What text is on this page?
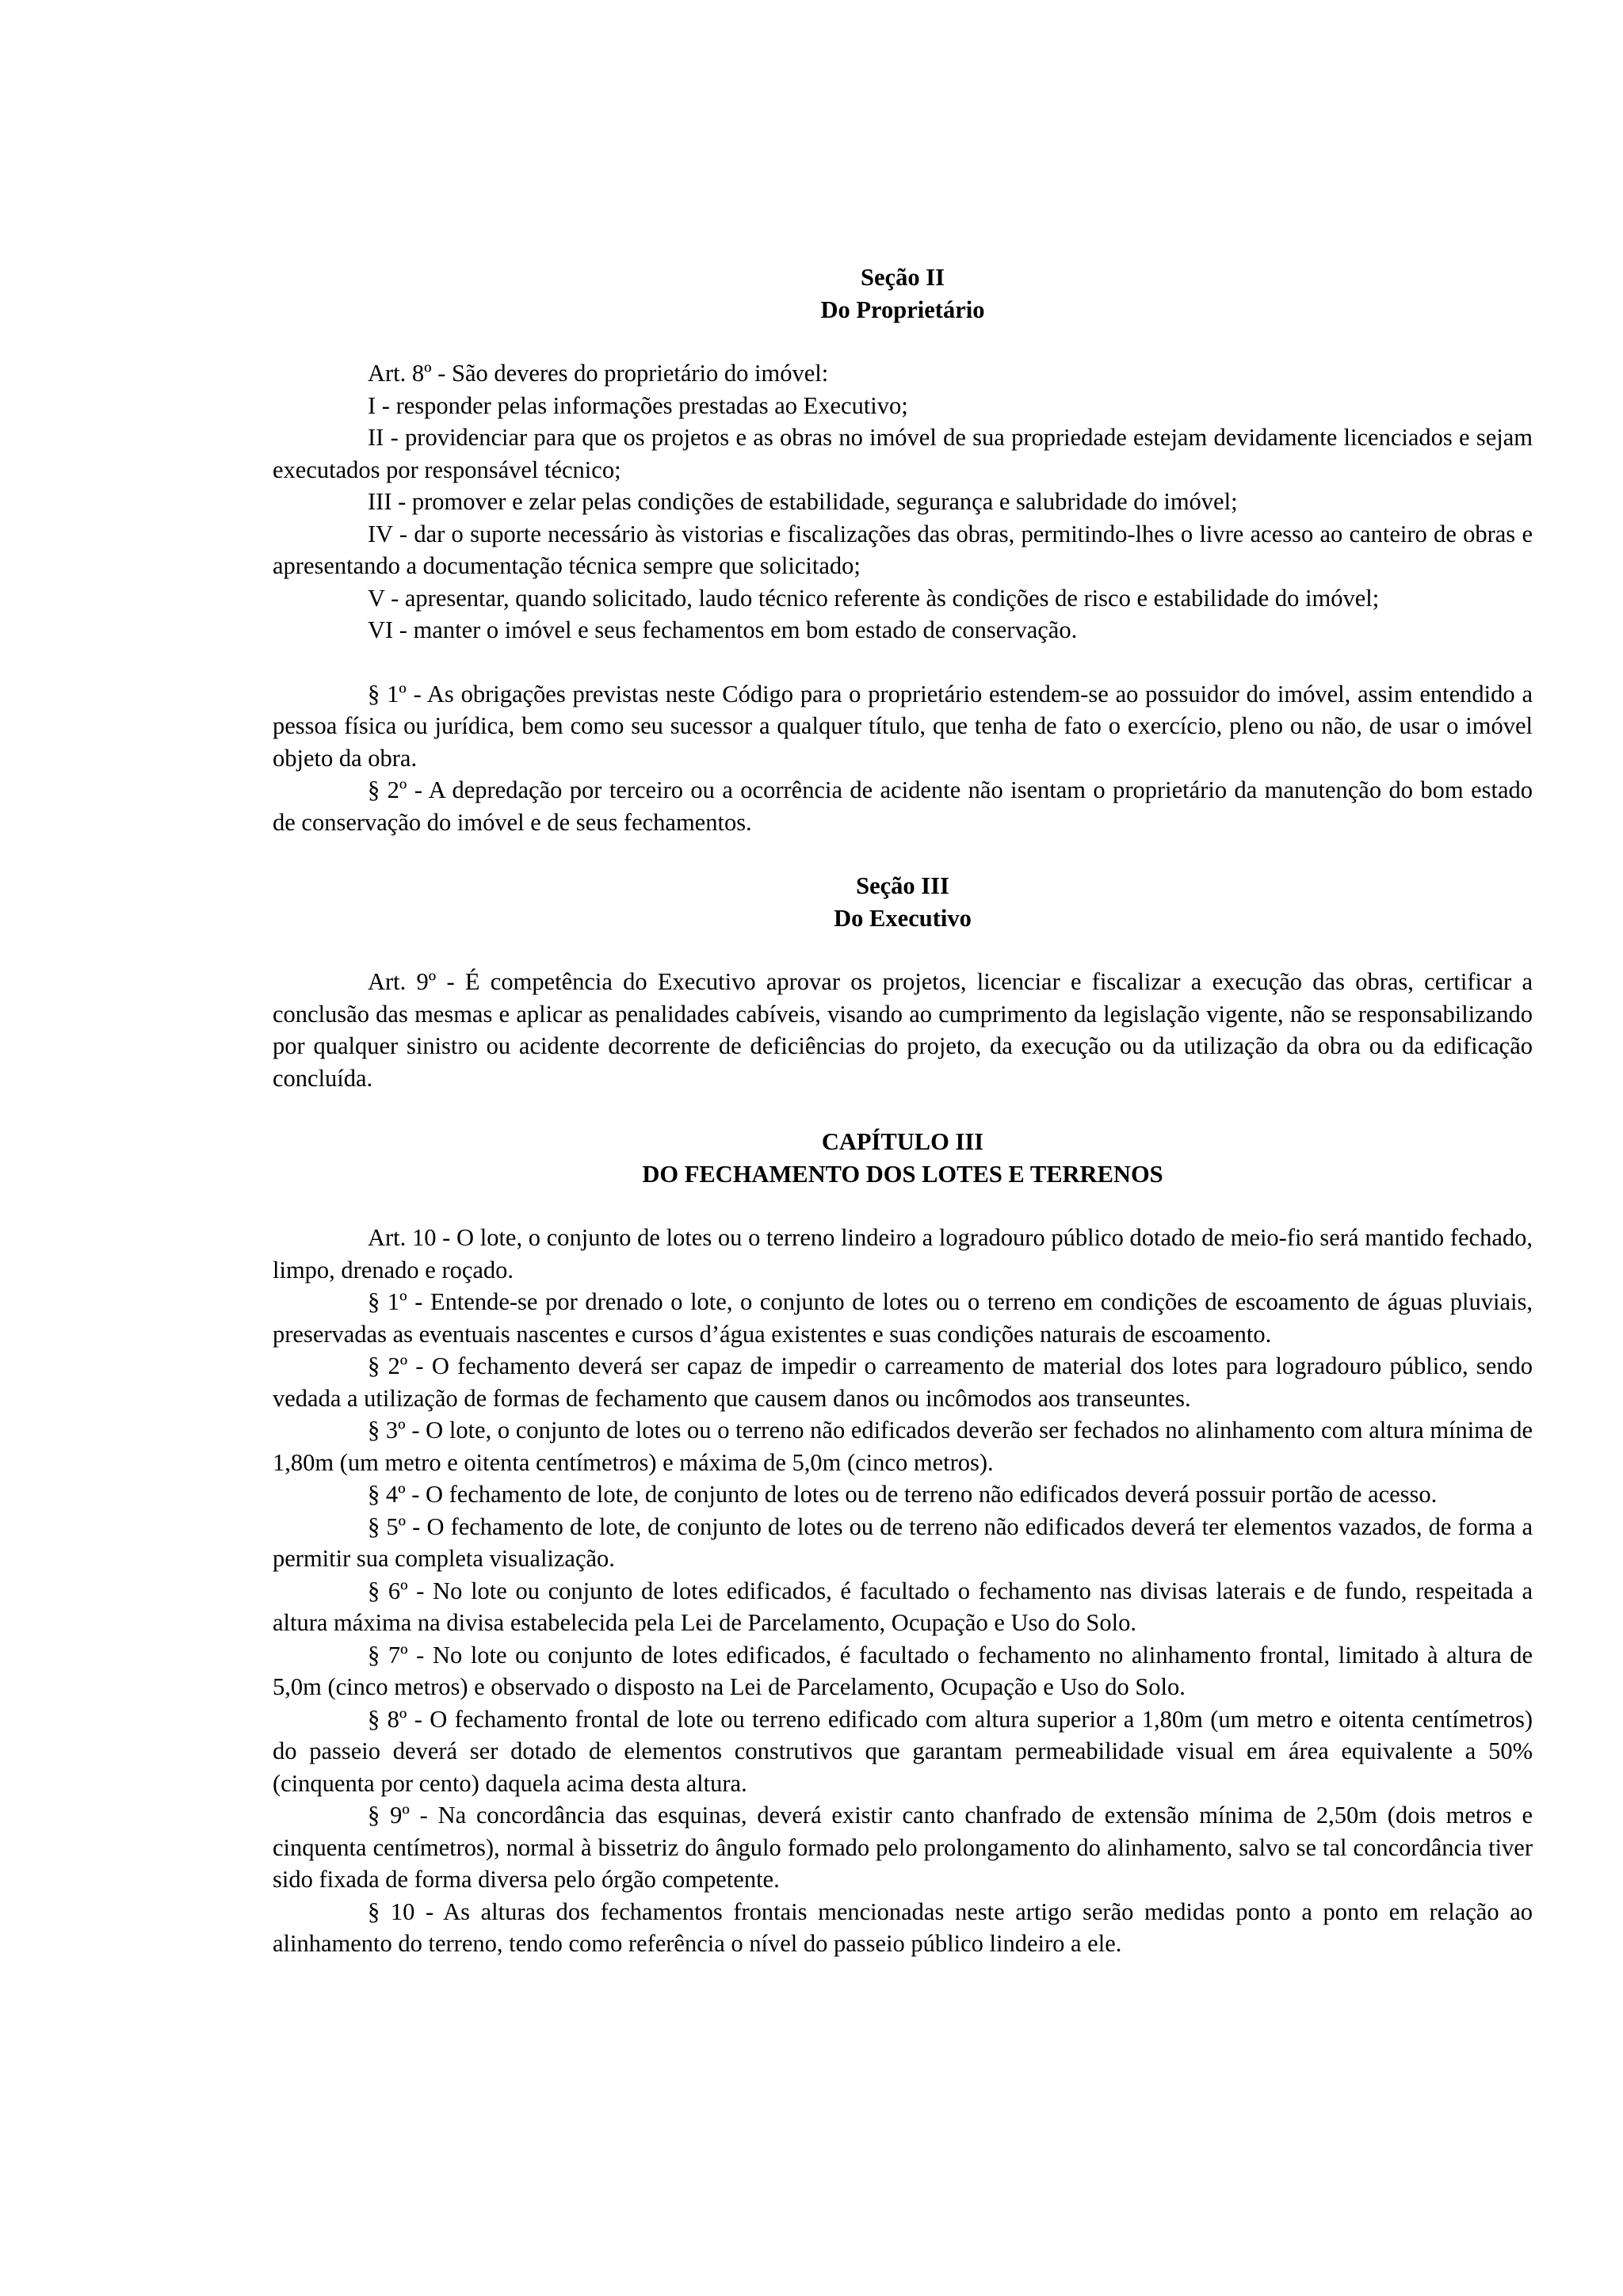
Seção II
Do Proprietário

Art. 8º - São deveres do proprietário do imóvel:

I - responder pelas informações prestadas ao Executivo;

II - providenciar para que os projetos e as obras no imóvel de sua propriedade estejam devidamente licenciados e sejam executados por responsável técnico;

III - promover e zelar pelas condições de estabilidade, segurança e salubridade do imóvel;

IV - dar o suporte necessário às vistorias e fiscalizações das obras, permitindo-lhes o livre acesso ao canteiro de obras e apresentando a documentação técnica sempre que solicitado;

V - apresentar, quando solicitado, laudo técnico referente às condições de risco e estabilidade do imóvel;

VI - manter o imóvel e seus fechamentos em bom estado de conservação.

§ 1º - As obrigações previstas neste Código para o proprietário estendem-se ao possuidor do imóvel, assim entendido a pessoa física ou jurídica, bem como seu sucessor a qualquer título, que tenha de fato o exercício, pleno ou não, de usar o imóvel objeto da obra.

§ 2º - A depredação por terceiro ou a ocorrência de acidente não isentam o proprietário da manutenção do bom estado de conservação do imóvel e de seus fechamentos.

Seção III
Do Executivo

Art. 9º - É competência do Executivo aprovar os projetos, licenciar e fiscalizar a execução das obras, certificar a conclusão das mesmas e aplicar as penalidades cabíveis, visando ao cumprimento da legislação vigente, não se responsabilizando por qualquer sinistro ou acidente decorrente de deficiências do projeto, da execução ou da utilização da obra ou da edificação concluída.

CAPÍTULO III
DO FECHAMENTO DOS LOTES E TERRENOS

Art. 10 - O lote, o conjunto de lotes ou o terreno lindeiro a logradouro público dotado de meio-fio será mantido fechado, limpo, drenado e roçado.

§ 1º - Entende-se por drenado o lote, o conjunto de lotes ou o terreno em condições de escoamento de águas pluviais, preservadas as eventuais nascentes e cursos d’água existentes e suas condições naturais de escoamento.

§ 2º - O fechamento deverá ser capaz de impedir o carreamento de material dos lotes para logradouro público, sendo vedada a utilização de formas de fechamento que causem danos ou incômodos aos transeuntes.

§ 3º - O lote, o conjunto de lotes ou o terreno não edificados deverão ser fechados no alinhamento com altura mínima de 1,80m (um metro e oitenta centímetros) e máxima de 5,0m (cinco metros).

§ 4º - O fechamento de lote, de conjunto de lotes ou de terreno não edificados deverá possuir portão de acesso.

§ 5º - O fechamento de lote, de conjunto de lotes ou de terreno não edificados deverá ter elementos vazados, de forma a permitir sua completa visualização.

§ 6º - No lote ou conjunto de lotes edificados, é facultado o fechamento nas divisas laterais e de fundo, respeitada a altura máxima na divisa estabelecida pela Lei de Parcelamento, Ocupação e Uso do Solo.

§ 7º - No lote ou conjunto de lotes edificados, é facultado o fechamento no alinhamento frontal, limitado à altura de 5,0m (cinco metros) e observado o disposto na Lei de Parcelamento, Ocupação e Uso do Solo.

§ 8º - O fechamento frontal de lote ou terreno edificado com altura superior a 1,80m (um metro e oitenta centímetros) do passeio deverá ser dotado de elementos construtivos que garantam permeabilidade visual em área equivalente a 50% (cinquenta por cento) daquela acima desta altura.

§ 9º - Na concordância das esquinas, deverá existir canto chanfrado de extensão mínima de 2,50m (dois metros e cinquenta centímetros), normal à bissetriz do ângulo formado pelo prolongamento do alinhamento, salvo se tal concordância tiver sido fixada de forma diversa pelo órgão competente.

§ 10 - As alturas dos fechamentos frontais mencionadas neste artigo serão medidas ponto a ponto em relação ao alinhamento do terreno, tendo como referência o nível do passeio público lindeiro a ele.
